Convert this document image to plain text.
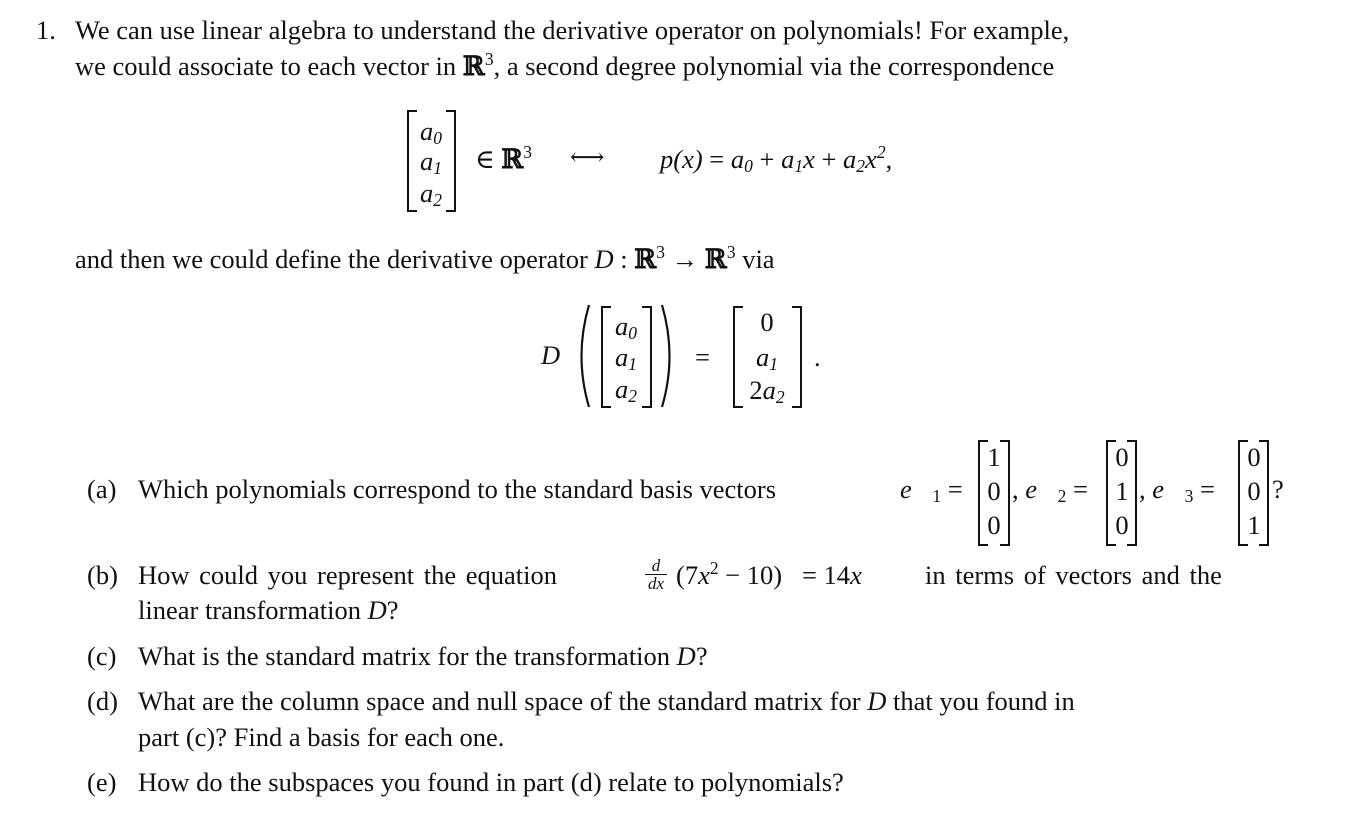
1. We can use linear algebra to understand the derivative operator on polynomials! For example,
we could associate to each vector in ℝ$^3$, a second degree polynomial via the correspondence
$a_0$
$a_1$
$a_2$
∈ ℝ$^3$ ⟷ $p(x) = a_0 + a_1x + a_2x^2$,
and then we could define the derivative operator D : ℝ$^3$ → ℝ$^3$ via
D
$a_0$
$a_1$
$a_2$
=
0
$a_1$
$2a_2$
.
(a) Which polynomials correspond to the standard basis vectors	$e⃗_1$ =
1
0
0
, $e⃗_2$ =
0
1
0
, $e⃗_3$ =
0
0
1
?
(b) How could you represent the equation	d
dx $(7x^2 - 10) = 14x$ in terms of vectors and the
linear transformation D?
(c) What is the standard matrix for the transformation D?
(d) What are the column space and null space of the standard matrix for D that you found in
part (c)? Find a basis for each one.
(e) How do the subspaces you found in part (d) relate to polynomials?
